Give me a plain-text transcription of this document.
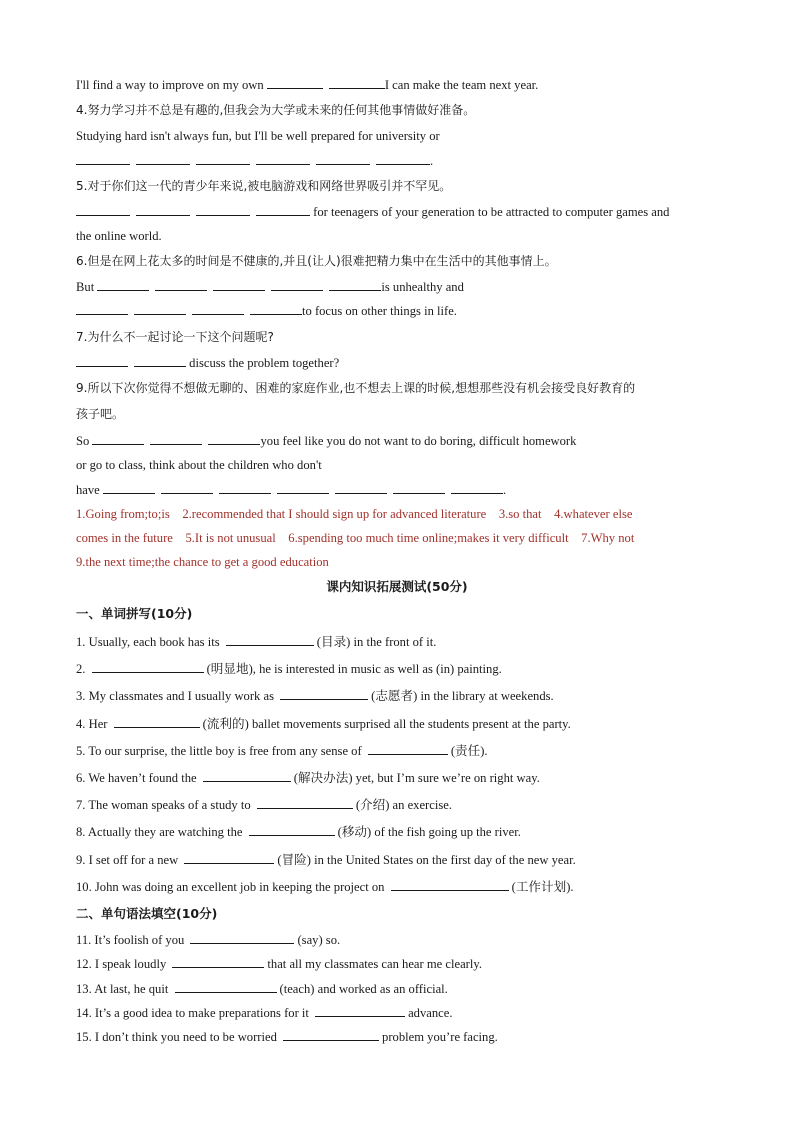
I'll find a way to improve on my own	I can make the team next year.
4.努力学习并不总是有趣的,但我会为大学或未来的任何其他事情做好准备。
Studying hard isn't always fun, but I'll be well prepared for university or
.
5.对于你们这一代的青少年来说,被电脑游戏和网络世界吸引并不罕见。
for teenagers of your generation to be attracted to computer games and
the online world.
6.但是在网上花太多的时间是不健康的,并且(让人)很难把精力集中在生活中的其他事情上。
But	is unhealthy and
to focus on other things in life.
7.为什么不一起讨论一下这个问题呢?
discuss the problem together?
9.所以下次你觉得不想做无聊的、困难的家庭作业,也不想去上课的时候,想想那些没有机会接受良好教育的
孩子吧。
So	you feel like you do not want to do boring, difficult homework
or go to class, think about the children who don't
have	.
1.Going from;to;is    2.recommended that I should sign up for advanced literature    3.so that    4.whatever else
comes in the future    5.It is not unusual    6.spending too much time online;makes it very difficult    7.Why not
9.the next time;the chance to get a good education
课内知识拓展测试(50分)
一、单词拼写(10分)
1. Usually, each book has its	(目录) in the front of it.
2.	(明显地), he is interested in music as well as (in) painting.
3. My classmates and I usually work as	(志愿者) in the library at weekends.
4. Her	(流利的) ballet movements surprised all the students present at the party.
5. To our surprise, the little boy is free from any sense of	(责任).
6. We haven’t found the	(解决办法) yet, but I’m sure we’re on right way.
7. The woman speaks of a study to	(介绍) an exercise.
8. Actually they are watching the	(移动) of the fish going up the river.
9. I set off for a new	(冒险) in the United States on the first day of the new year.
10. John was doing an excellent job in keeping the project on	(工作计划).
二、单句语法填空(10分)
11. It’s foolish of you	(say) so.
12. I speak loudly	that all my classmates can hear me clearly.
13. At last, he quit	(teach) and worked as an official.
14. It’s a good idea to make preparations for it	advance.
15. I don’t think you need to be worried	problem you’re facing.
